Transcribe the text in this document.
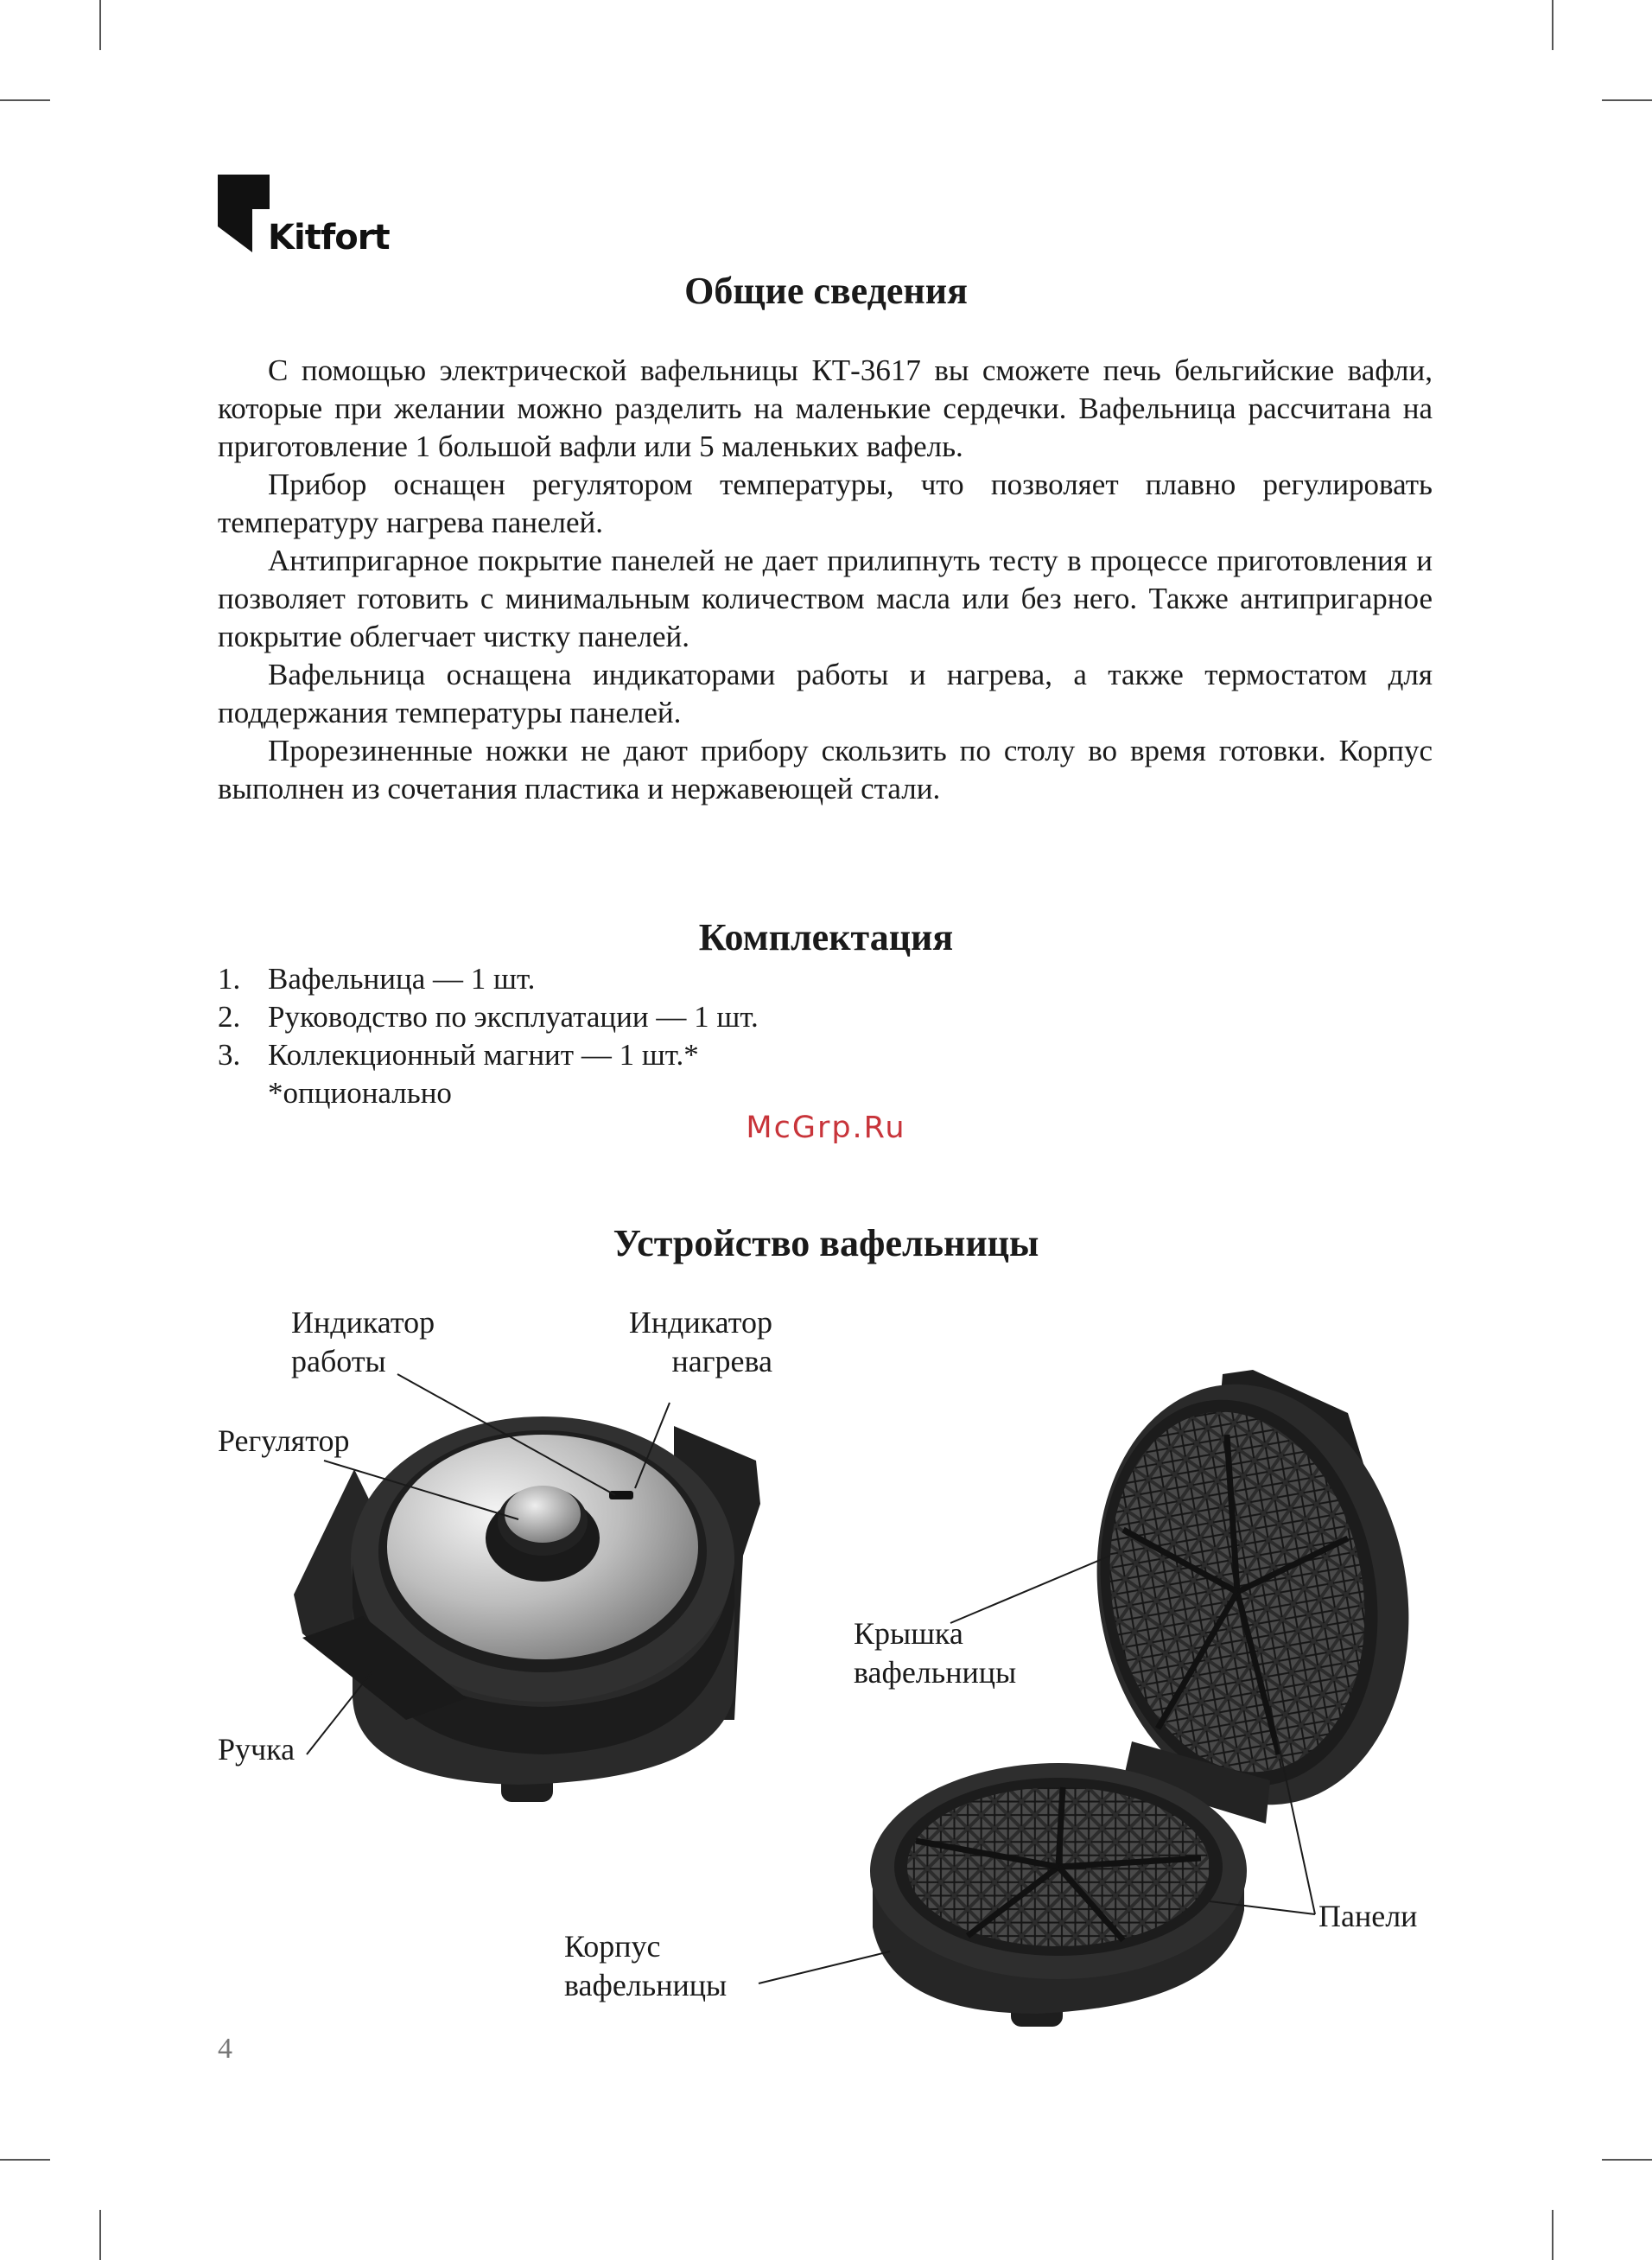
Kitfort
Общие сведения

С помощью электрической вафельницы КТ-3617 вы сможете печь бельгийские вафли, которые при желании можно разделить на маленькие сердечки. Вафельница рассчитана на приготовление 1 большой вафли или 5 маленьких вафель.

Прибор оснащен регулятором температуры, что позволяет плавно регулировать температуру нагрева панелей.

Антипригарное покрытие панелей не дает прилипнуть тесту в процессе приготовления и позволяет готовить с минимальным количеством масла или без него. Также антипригарное покрытие облегчает чистку панелей.

Вафельница оснащена индикаторами работы и нагрева, а также термостатом для поддержания температуры панелей.

Прорезиненные ножки не дают прибору скользить по столу во время готовки. Корпус выполнен из сочетания пластика и нержавеющей стали.

Комплектация
1. Вафельница — 1 шт.
2. Руководство по эксплуатации — 1 шт.
3. Коллекционный магнит — 1 шт.*
*опционально
McGrp.Ru
Устройство вафельницы
Индикатор
работы
Индикатор
нагрева
Регулятор
Ручка
Крышка
вафельницы
Панели
Корпус
вафельницы
4
